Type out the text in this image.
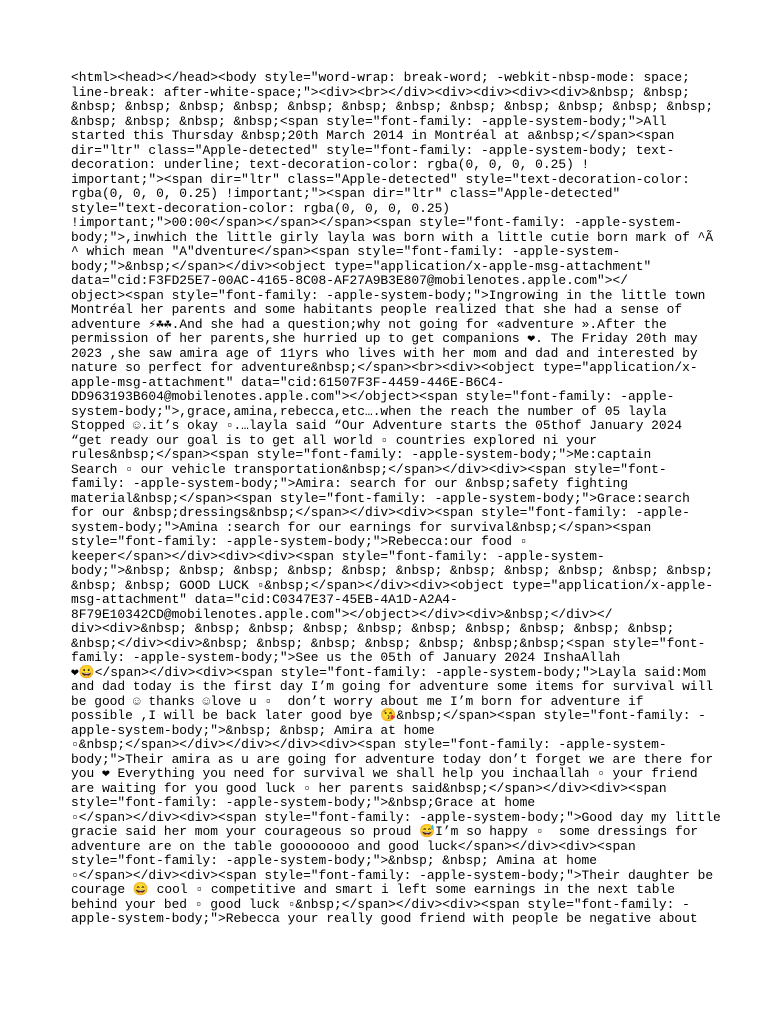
<html><head></head><body style="word-wrap: break-word; -webkit-nbsp-mode: space;
line-break: after-white-space;"><div><br></div><div><div><div><div>&nbsp; &nbsp;
&nbsp; &nbsp; &nbsp; &nbsp; &nbsp; &nbsp; &nbsp; &nbsp; &nbsp; &nbsp; &nbsp; &nbsp;
&nbsp; &nbsp; &nbsp; &nbsp;<span style="font-family: -apple-system-body;">All
started this Thursday &nbsp;20th March 2014 in Montréal at a&nbsp;</span><span
dir="ltr" class="Apple-detected" style="font-family: -apple-system-body; text-
decoration: underline; text-decoration-color: rgba(0, 0, 0, 0.25) !
important;"><span dir="ltr" class="Apple-detected" style="text-decoration-color:
rgba(0, 0, 0, 0.25) !important;"><span dir="ltr" class="Apple-detected"
style="text-decoration-color: rgba(0, 0, 0, 0.25)
!important;">00:00</span></span></span><span style="font-family: -apple-system-
body;">,inwhich the little girly layla was born with a little cutie born mark of ^Ã
^ which mean "A"dventure</span><span style="font-family: -apple-system-
body;">&nbsp;</span></div><object type="application/x-apple-msg-attachment"
data="cid:F3FD25E7-00AC-4165-8C08-AF27A9B3E807@mobilenotes.apple.com"></
object><span style="font-family: -apple-system-body;">Ingrowing in the little town
Montréal her parents and some habitants people realized that she had a sense of
adventure ⚡☘☘.And she had a question;why not going for «adventure ».After the
permission of her parents,she hurried up to get companions ❤. The Friday 20th may
2023 ,she saw amira age of 11yrs who lives with her mom and dad and interested by
nature so perfect for adventure&nbsp;</span><br><div><object type="application/x-
apple-msg-attachment" data="cid:61507F3F-4459-446E-B6C4-
DD963193B604@mobilenotes.apple.com"></object><span style="font-family: -apple-
system-body;">,grace,amina,rebecca,etc….when the reach the number of 05 layla
Stopped ☺.it’s okay ▫.…layla said “Our Adventure starts the 05thof January 2024
“get ready our goal is to get all world ▫ countries explored ni your
rules&nbsp;</span><span style="font-family: -apple-system-body;">Me:captain
Search ▫ our vehicle transportation&nbsp;</span></div><div><span style="font-
family: -apple-system-body;">Amira: search for our &nbsp;safety fighting
material&nbsp;</span><span style="font-family: -apple-system-body;">Grace:search
for our &nbsp;dressings&nbsp;</span></div><div><span style="font-family: -apple-
system-body;">Amina :search for our earnings for survival&nbsp;</span><span
style="font-family: -apple-system-body;">Rebecca:our food ▫
keeper</span></div><div><div><span style="font-family: -apple-system-
body;">&nbsp; &nbsp; &nbsp; &nbsp; &nbsp; &nbsp; &nbsp; &nbsp; &nbsp; &nbsp; &nbsp;
&nbsp; &nbsp; GOOD LUCK ▫&nbsp;</span></div><div><object type="application/x-apple-
msg-attachment" data="cid:C0347E37-45EB-4A1D-A2A4-
8F79E10342CD@mobilenotes.apple.com"></object></div><div>&nbsp;</div></
div><div>&nbsp; &nbsp; &nbsp; &nbsp; &nbsp; &nbsp; &nbsp; &nbsp; &nbsp; &nbsp;
&nbsp;</div><div>&nbsp; &nbsp; &nbsp; &nbsp; &nbsp; &nbsp;&nbsp;<span style="font-
family: -apple-system-body;">See us the 05th of January 2024 InshaAllah
❤😀</span></div><div><span style="font-family: -apple-system-body;">Layla said:Mom
and dad today is the first day I’m going for adventure some items for survival will
be good ☺ thanks ☺love u ▫  don’t worry about me I’m born for adventure if
possible ,I will be back later good bye 😘&nbsp;</span><span style="font-family: -
apple-system-body;">&nbsp; &nbsp; Amira at home
▫&nbsp;</span></div></div></div><div><span style="font-family: -apple-system-
body;">Their amira as u are going for adventure today don’t forget we are there for
you ❤ Everything you need for survival we shall help you inchaallah ▫ your friend
are waiting for you good luck ▫ her parents said&nbsp;</span></div><div><span
style="font-family: -apple-system-body;">&nbsp;Grace at home
▫</span></div><div><span style="font-family: -apple-system-body;">Good day my little
gracie said her mom your courageous so proud 😅I’m so happy ▫  some dressings for
adventure are on the table goooooooo and good luck</span></div><div><span
style="font-family: -apple-system-body;">&nbsp; &nbsp; Amina at home
▫</span></div><div><span style="font-family: -apple-system-body;">Their daughter be
courage 😄 cool ▫ competitive and smart i left some earnings in the next table
behind your bed ▫ good luck ▫&nbsp;</span></div><div><span style="font-family: -
apple-system-body;">Rebecca your really good friend with people be negative about
